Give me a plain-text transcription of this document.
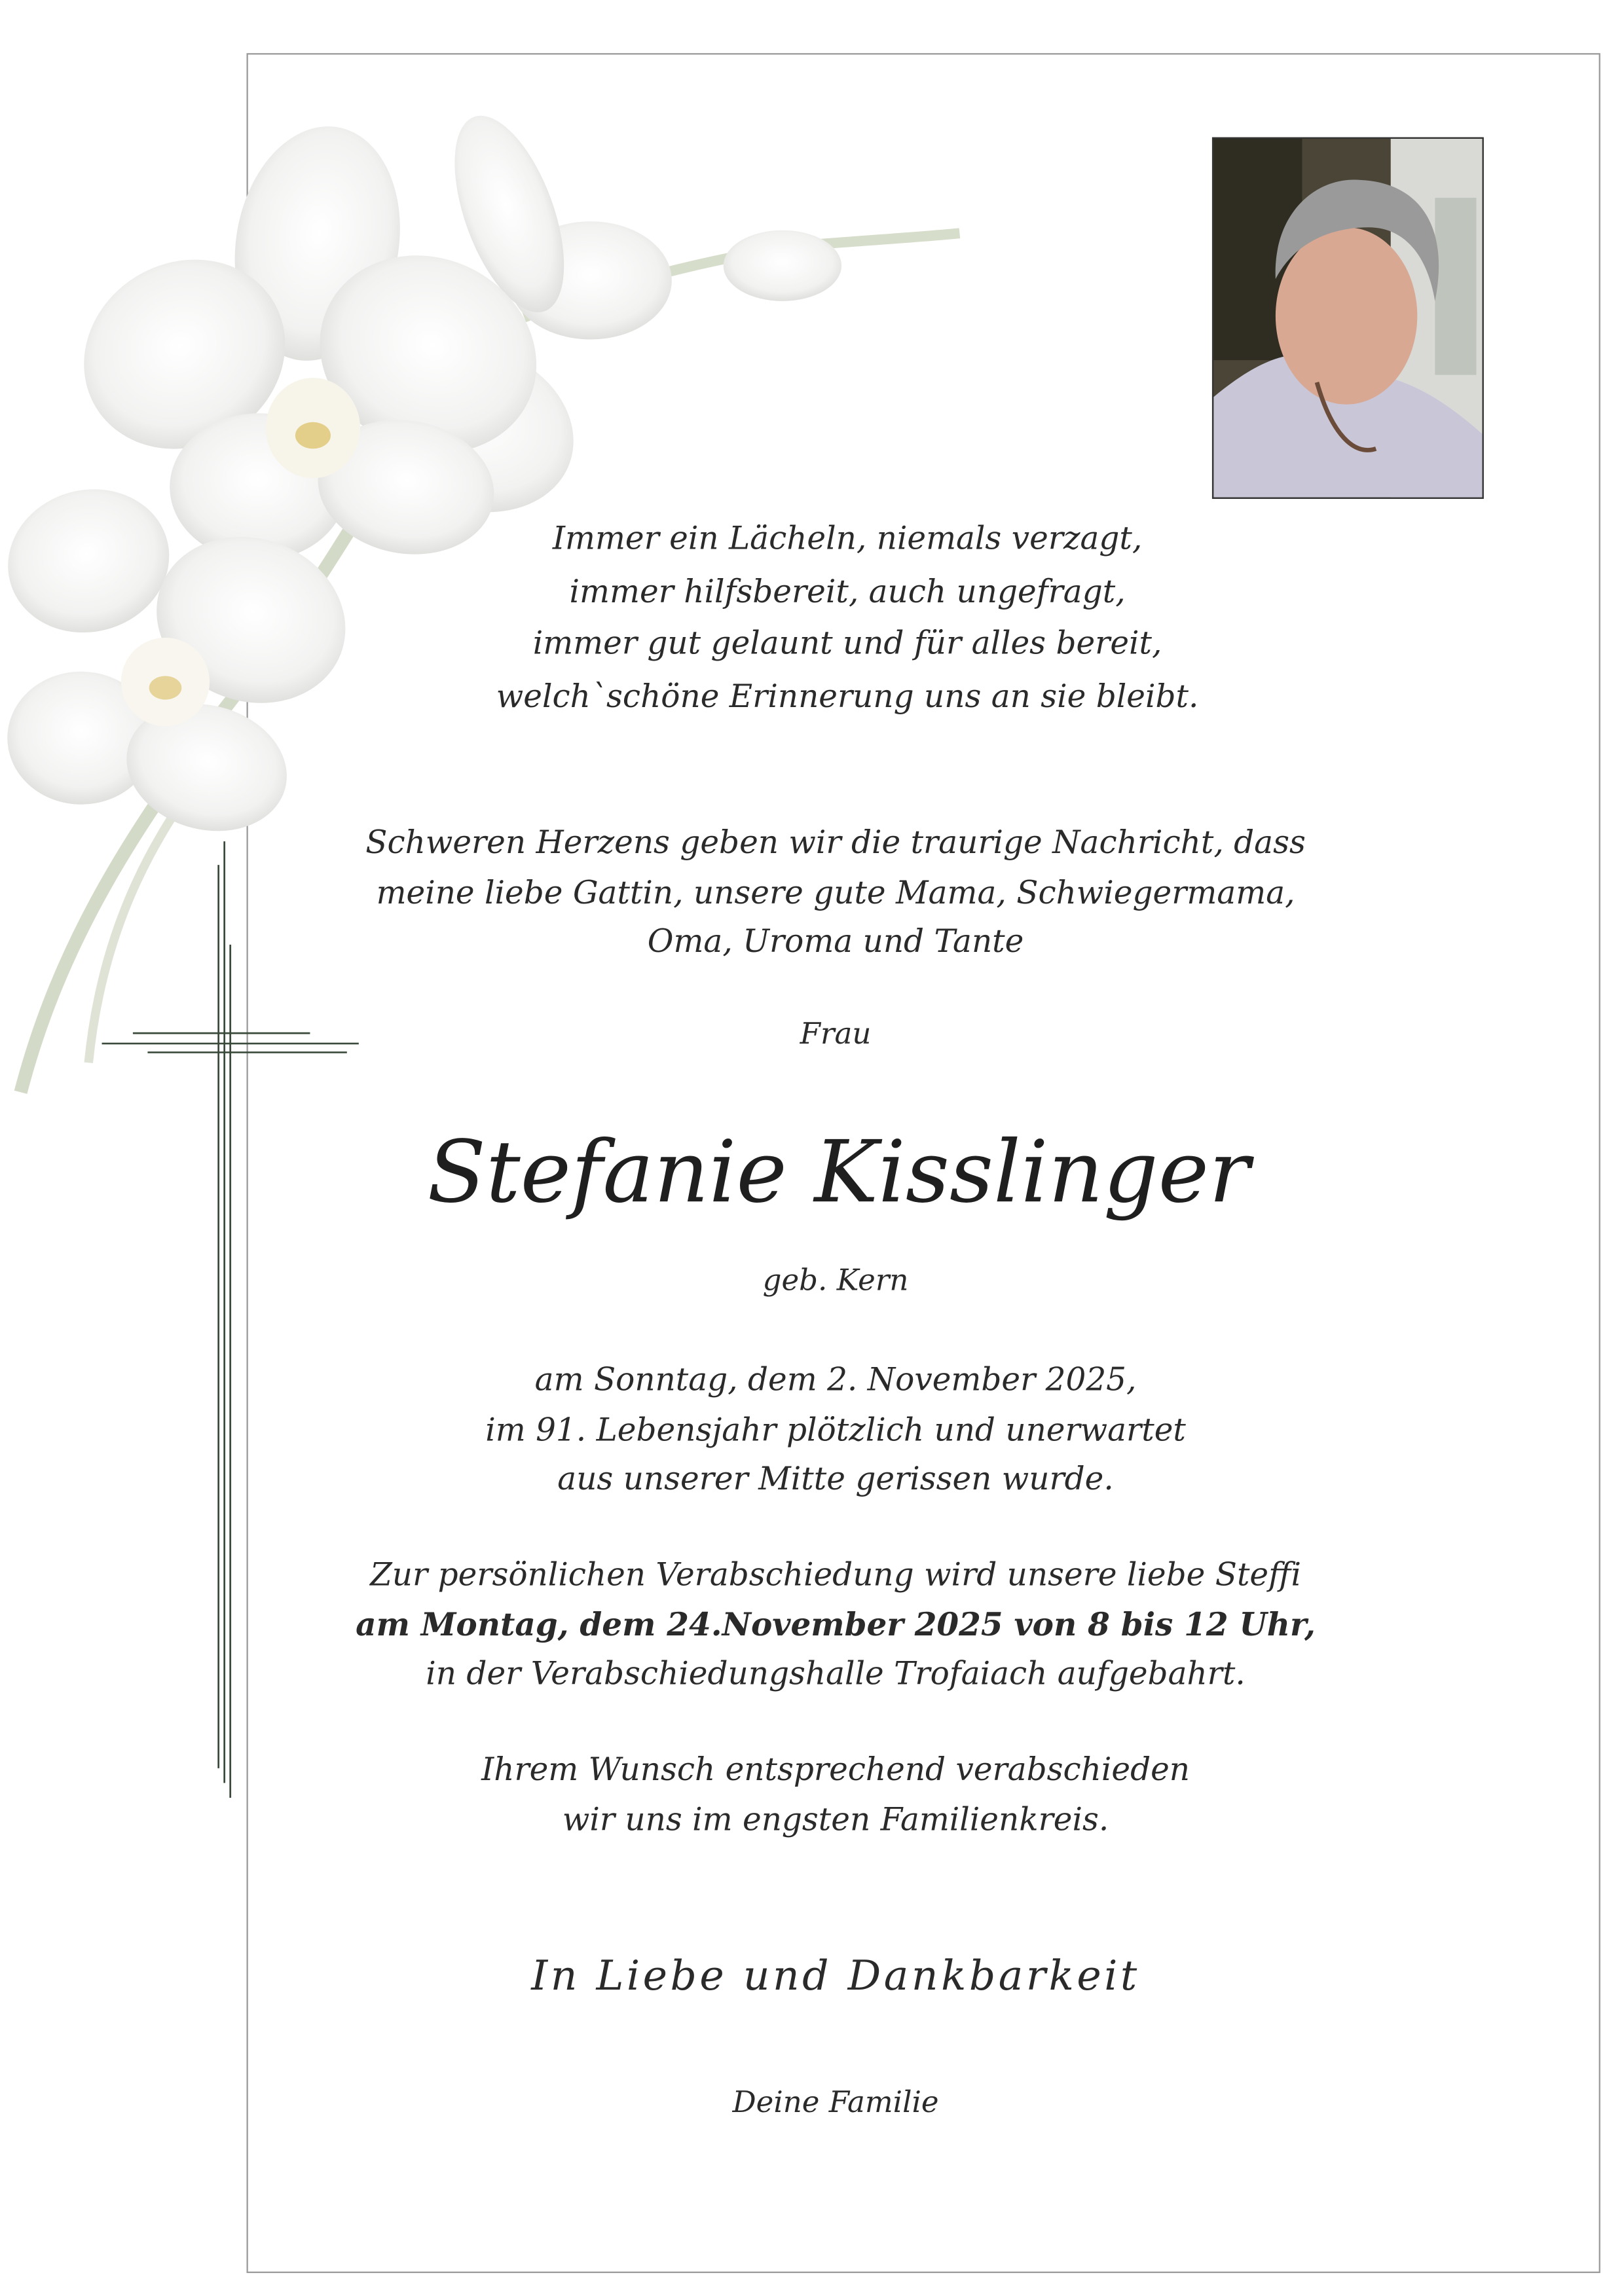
Immer ein Lächeln, niemals verzagt,
immer hilfsbereit, auch ungefragt,
immer gut gelaunt und für alles bereit,
welch`schöne Erinnerung uns an sie bleibt.
Schweren Herzens geben wir die traurige Nachricht, dass
meine liebe Gattin, unsere gute Mama, Schwiegermama,
Oma, Uroma und Tante
Frau
Stefanie Kisslinger
geb. Kern
am Sonntag, dem 2. November 2025,
im 91. Lebensjahr plötzlich und unerwartet
aus unserer Mitte gerissen wurde.
Zur persönlichen Verabschiedung wird unsere liebe Steffi
am Montag, dem 24.November 2025 von 8 bis 12 Uhr,
in der Verabschiedungshalle Trofaiach aufgebahrt.
Ihrem Wunsch entsprechend verabschieden
wir uns im engsten Familienkreis.
In Liebe und Dankbarkeit
Deine Familie
